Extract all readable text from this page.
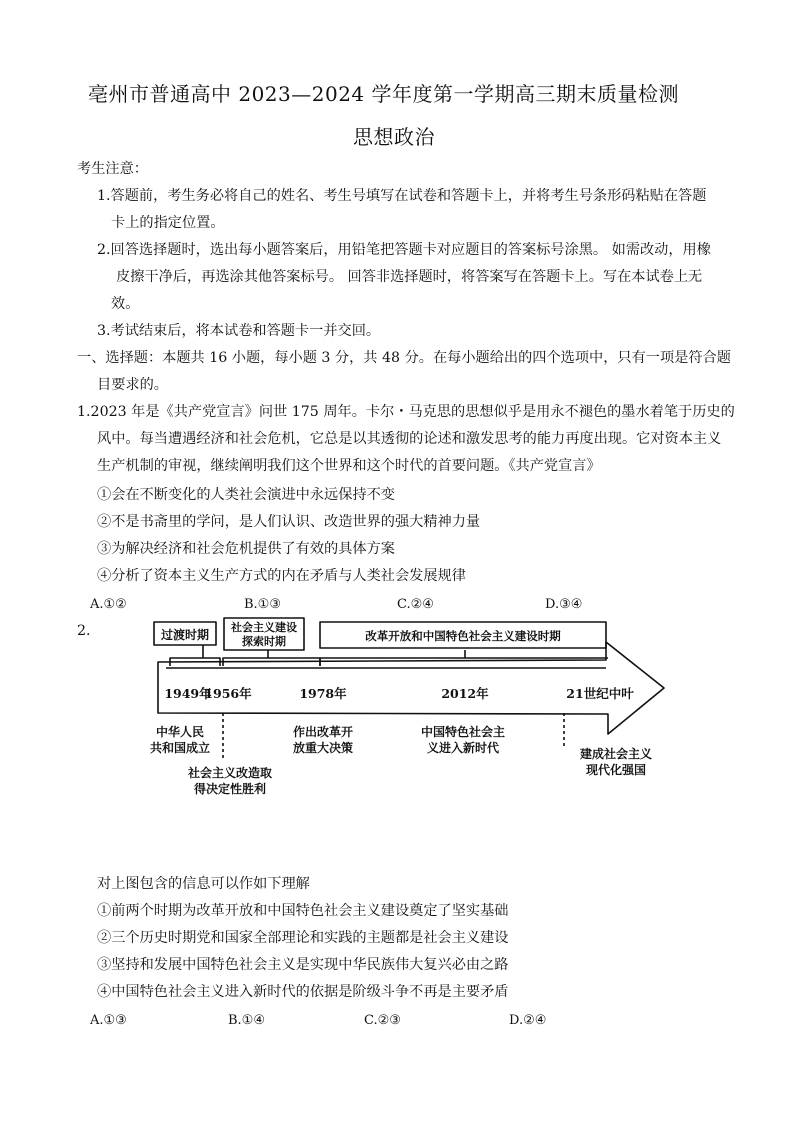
亳州市普通高中 2023—2024 学年度第一学期高三期末质量检测
思想政治
考生注意：
1.答题前，考生务必将自己的姓名、考生号填写在试卷和答题卡上，并将考生号条形码粘贴在答题
卡上的指定位置。
2.回答选择题时，选出每小题答案后，用铅笔把答题卡对应题目的答案标号涂黑。 如需改动，用橡
皮擦干净后，再选涂其他答案标号。 回答非选择题时，将答案写在答题卡上。写在本试卷上无
效。
3.考试结束后，将本试卷和答题卡一并交回。
一、选择题：本题共 16 小题，每小题 3 分，共 48 分。在每小题给出的四个选项中，只有一项是符合题
目要求的。
1.2023 年是《共产党宣言》问世 175 周年。卡尔・马克思的思想似乎是用永不褪色的墨水着笔于历史的
风中。每当遭遇经济和社会危机，它总是以其透彻的论述和激发思考的能力再度出现。它对资本主义
生产机制的审视，继续阐明我们这个世界和这个时代的首要问题。《共产党宣言》
①会在不断变化的人类社会演进中永远保持不变
②不是书斋里的学问，是人们认识、改造世界的强大精神力量
③为解决经济和社会危机提供了有效的具体方案
④分析了资本主义生产方式的内在矛盾与人类社会发展规律
A.①②	B.①③	C.②④	D.③④
2.	过渡时期
社会主义建设
探索时期	改革开放和中国特色社会主义建设时期
1949年
1956年	1978年	2012年	21世纪中叶
中华人民
共和国成立
社会主义改造取
得决定性胜利
作出改革开
放重大决策
中国特色社会主
义进入新时代	建成社会主义
现代化强国
对上图包含的信息可以作如下理解
①前两个时期为改革开放和中国特色社会主义建设奠定了坚实基础
②三个历史时期党和国家全部理论和实践的主题都是社会主义建设
③坚持和发展中国特色社会主义是实现中华民族伟大复兴必由之路
④中国特色社会主义进入新时代的依据是阶级斗争不再是主要矛盾
A.①③	B.①④	C.②③	D.②④
